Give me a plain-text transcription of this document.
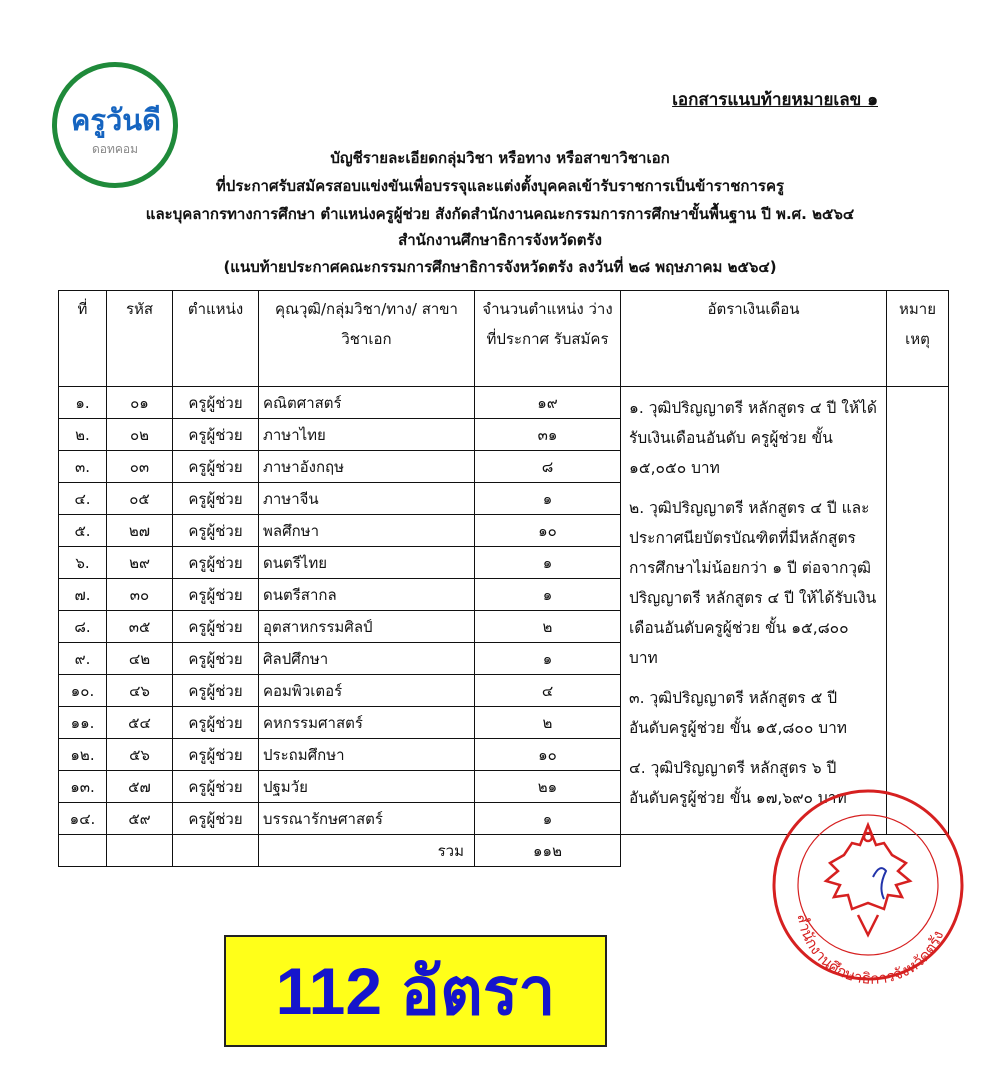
ครูวันดี
ดอทคอม
เอกสารแนบท้ายหมายเลข ๑
บัญชีรายละเอียดกลุ่มวิชา หรือทาง หรือสาขาวิชาเอก
ที่ประกาศรับสมัครสอบแข่งขันเพื่อบรรจุและแต่งตั้งบุคคลเข้ารับราชการเป็นข้าราชการครู
และบุคลากรทางการศึกษา ตำแหน่งครูผู้ช่วย สังกัดสำนักงานคณะกรรมการการศึกษาขั้นพื้นฐาน ปี พ.ศ. ๒๕๖๔
สำนักงานศึกษาธิการจังหวัดตรัง
(แนบท้ายประกาศคณะกรรมการศึกษาธิการจังหวัดตรัง ลงวันที่ ๒๘ พฤษภาคม ๒๕๖๔)
ที่	รหัส	ตำแหน่ง	คุณวุฒิ/กลุ่มวิชา/ทาง/ สาขาวิชาเอก	จำนวนตำแหน่ง ว่างที่ประกาศ รับสมัคร	อัตราเงินเดือน	หมาย เหตุ
๑.	๐๑	ครูผู้ช่วย	คณิตศาสตร์	๑๙	๑. วุฒิปริญญาตรี หลักสูตร ๔ ปี ให้ได้รับเงินเดือนอันดับ ครูผู้ช่วย ขั้น ๑๕,๐๕๐ บาท

๒. วุฒิปริญญาตรี หลักสูตร ๔ ปี และประกาศนียบัตรบัณฑิตที่มีหลักสูตรการศึกษาไม่น้อยกว่า ๑ ปี ต่อจากวุฒิปริญญาตรี หลักสูตร ๔ ปี ให้ได้รับเงินเดือนอันดับครูผู้ช่วย ขั้น ๑๕,๘๐๐ บาท

๓. วุฒิปริญญาตรี หลักสูตร ๕ ปี อันดับครูผู้ช่วย ขั้น ๑๕,๘๐๐ บาท

๔. วุฒิปริญญาตรี หลักสูตร ๖ ปี อันดับครูผู้ช่วย ขั้น ๑๗,๖๙๐ บาท	

๒.	๐๒	ครูผู้ช่วย	ภาษาไทย	๓๑		
๓.	๐๓	ครูผู้ช่วย	ภาษาอังกฤษ	๘		
๔.	๐๕	ครูผู้ช่วย	ภาษาจีน	๑		
๕.	๒๗	ครูผู้ช่วย	พลศึกษา	๑๐		
๖.	๒๙	ครูผู้ช่วย	ดนตรีไทย	๑		
๗.	๓๐	ครูผู้ช่วย	ดนตรีสากล	๑		
๘.	๓๕	ครูผู้ช่วย	อุตสาหกรรมศิลป์	๒		
๙.	๔๒	ครูผู้ช่วย	ศิลปศึกษา	๑		
๑๐.	๔๖	ครูผู้ช่วย	คอมพิวเตอร์	๔		
๑๑.	๕๔	ครูผู้ช่วย	คหกรรมศาสตร์	๒		
๑๒.	๕๖	ครูผู้ช่วย	ประถมศึกษา	๑๐		
๑๓.	๕๗	ครูผู้ช่วย	ปฐมวัย	๒๑		
๑๔.	๕๙	ครูผู้ช่วย	บรรณารักษศาสตร์	๑		
			รวม	๑๑๒		
112 อัตรา
สำนักงานศึกษาธิการจังหวัดตรัง
